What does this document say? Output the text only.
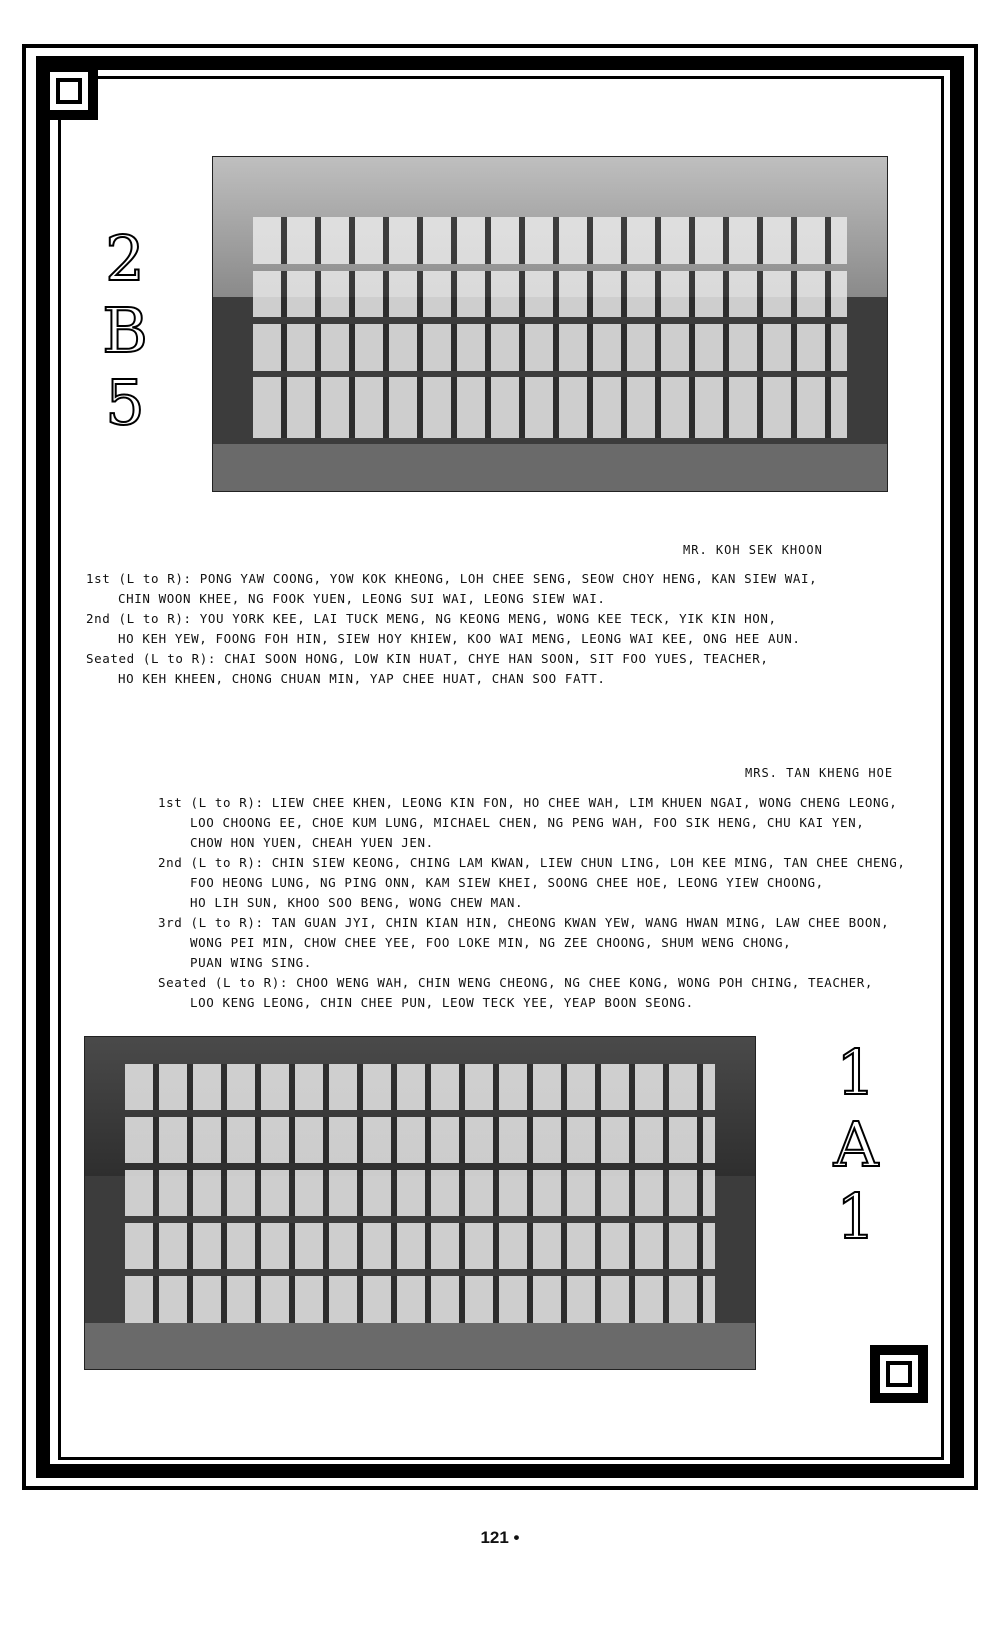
2
B
5
MR. KOH SEK KHOON

1st (L to R): PONG YAW COONG, YOW KOK KHEONG, LOH CHEE SENG, SEOW CHOY HENG, KAN SIEW WAI,

CHIN WOON KHEE, NG FOOK YUEN, LEONG SUI WAI, LEONG SIEW WAI.

2nd (L to R): YOU YORK KEE, LAI TUCK MENG, NG KEONG MENG, WONG KEE TECK, YIK KIN HON,

HO KEH YEW, FOONG FOH HIN, SIEW HOY KHIEW, KOO WAI MENG, LEONG WAI KEE, ONG HEE AUN.

Seated (L to R): CHAI SOON HONG, LOW KIN HUAT, CHYE HAN SOON, SIT FOO YUES, TEACHER,

HO KEH KHEEN, CHONG CHUAN MIN, YAP CHEE HUAT, CHAN SOO FATT.

MRS. TAN KHENG HOE

1st (L to R): LIEW CHEE KHEN, LEONG KIN FON, HO CHEE WAH, LIM KHUEN NGAI, WONG CHENG LEONG,

LOO CHOONG EE, CHOE KUM LUNG, MICHAEL CHEN, NG PENG WAH, FOO SIK HENG, CHU KAI YEN,

CHOW HON YUEN, CHEAH YUEN JEN.

2nd (L to R): CHIN SIEW KEONG, CHING LAM KWAN, LIEW CHUN LING, LOH KEE MING, TAN CHEE CHENG,

FOO HEONG LUNG, NG PING ONN, KAM SIEW KHEI, SOONG CHEE HOE, LEONG YIEW CHOONG,

HO LIH SUN, KHOO SOO BENG, WONG CHEW MAN.

3rd (L to R): TAN GUAN JYI, CHIN KIAN HIN, CHEONG KWAN YEW, WANG HWAN MING, LAW CHEE BOON,

WONG PEI MIN, CHOW CHEE YEE, FOO LOKE MIN, NG ZEE CHOONG, SHUM WENG CHONG,

PUAN WING SING.

Seated (L to R): CHOO WENG WAH, CHIN WENG CHEONG, NG CHEE KONG, WONG POH CHING, TEACHER,

LOO KENG LEONG, CHIN CHEE PUN, LEOW TECK YEE, YEAP BOON SEONG.

1
A
1
121 •
